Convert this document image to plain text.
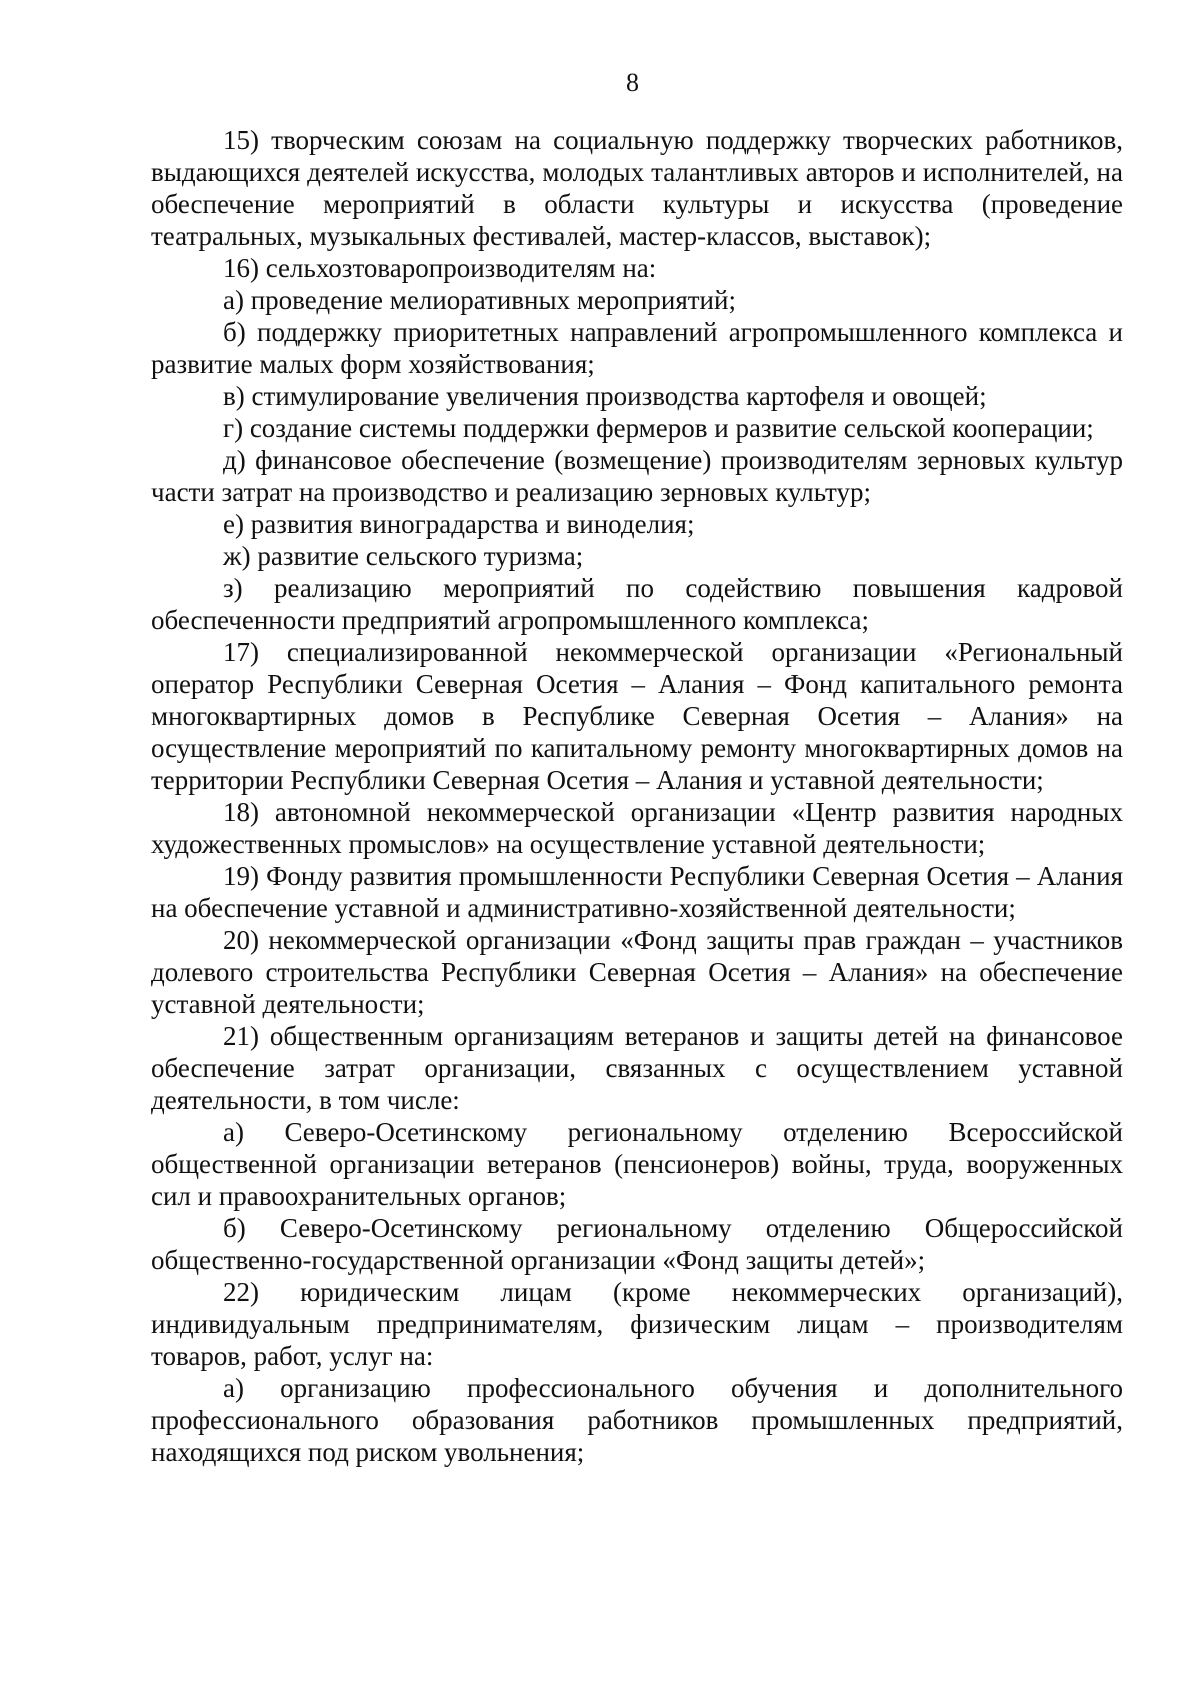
8

15) творческим союзам на социальную поддержку творческих работников, выдающихся деятелей искусства, молодых талантливых авторов и исполнителей, на обеспечение мероприятий в области культуры и искусства (проведение театральных, музыкальных фестивалей, мастер-классов, выставок);

16) сельхозтоваропроизводителям на:

а) проведение мелиоративных мероприятий;

б) поддержку приоритетных направлений агропромышленного комплекса и развитие малых форм хозяйствования;

в) стимулирование увеличения производства картофеля и овощей;

г) создание системы поддержки фермеров и развитие сельской кооперации;

д) финансовое обеспечение (возмещение) производителям зерновых культур части затрат на производство и реализацию зерновых культур;

е) развития виноградарства и виноделия;

ж) развитие сельского туризма;

з) реализацию мероприятий по содействию повышения кадровой обеспеченности предприятий агропромышленного комплекса;

17) специализированной некоммерческой организации «Региональный оператор Республики Северная Осетия – Алания – Фонд капитального ремонта многоквартирных домов в Республике Северная Осетия – Алания» на осуществление мероприятий по капитальному ремонту многоквартирных домов на территории Республики Северная Осетия – Алания и уставной деятельности;

18) автономной некоммерческой организации «Центр развития народных художественных промыслов» на осуществление уставной деятельности;

19) Фонду развития промышленности Республики Северная Осетия – Алания на обеспечение уставной и административно-хозяйственной деятельности;

20) некоммерческой организации «Фонд защиты прав граждан – участников долевого строительства Республики Северная Осетия – Алания» на обеспечение уставной деятельности;

21) общественным организациям ветеранов и защиты детей на финансовое обеспечение затрат организации, связанных с осуществлением уставной деятельности, в том числе:

а) Северо-Осетинскому региональному отделению Всероссийской общественной организации ветеранов (пенсионеров) войны, труда, вооруженных сил и правоохранительных органов;

б) Северо-Осетинскому региональному отделению Общероссийской общественно-государственной организации «Фонд защиты детей»;

22) юридическим лицам (кроме некоммерческих организаций), индивидуальным предпринимателям, физическим лицам – производителям товаров, работ, услуг на:

а) организацию профессионального обучения и дополнительного профессионального образования работников промышленных предприятий, находящихся под риском увольнения;
